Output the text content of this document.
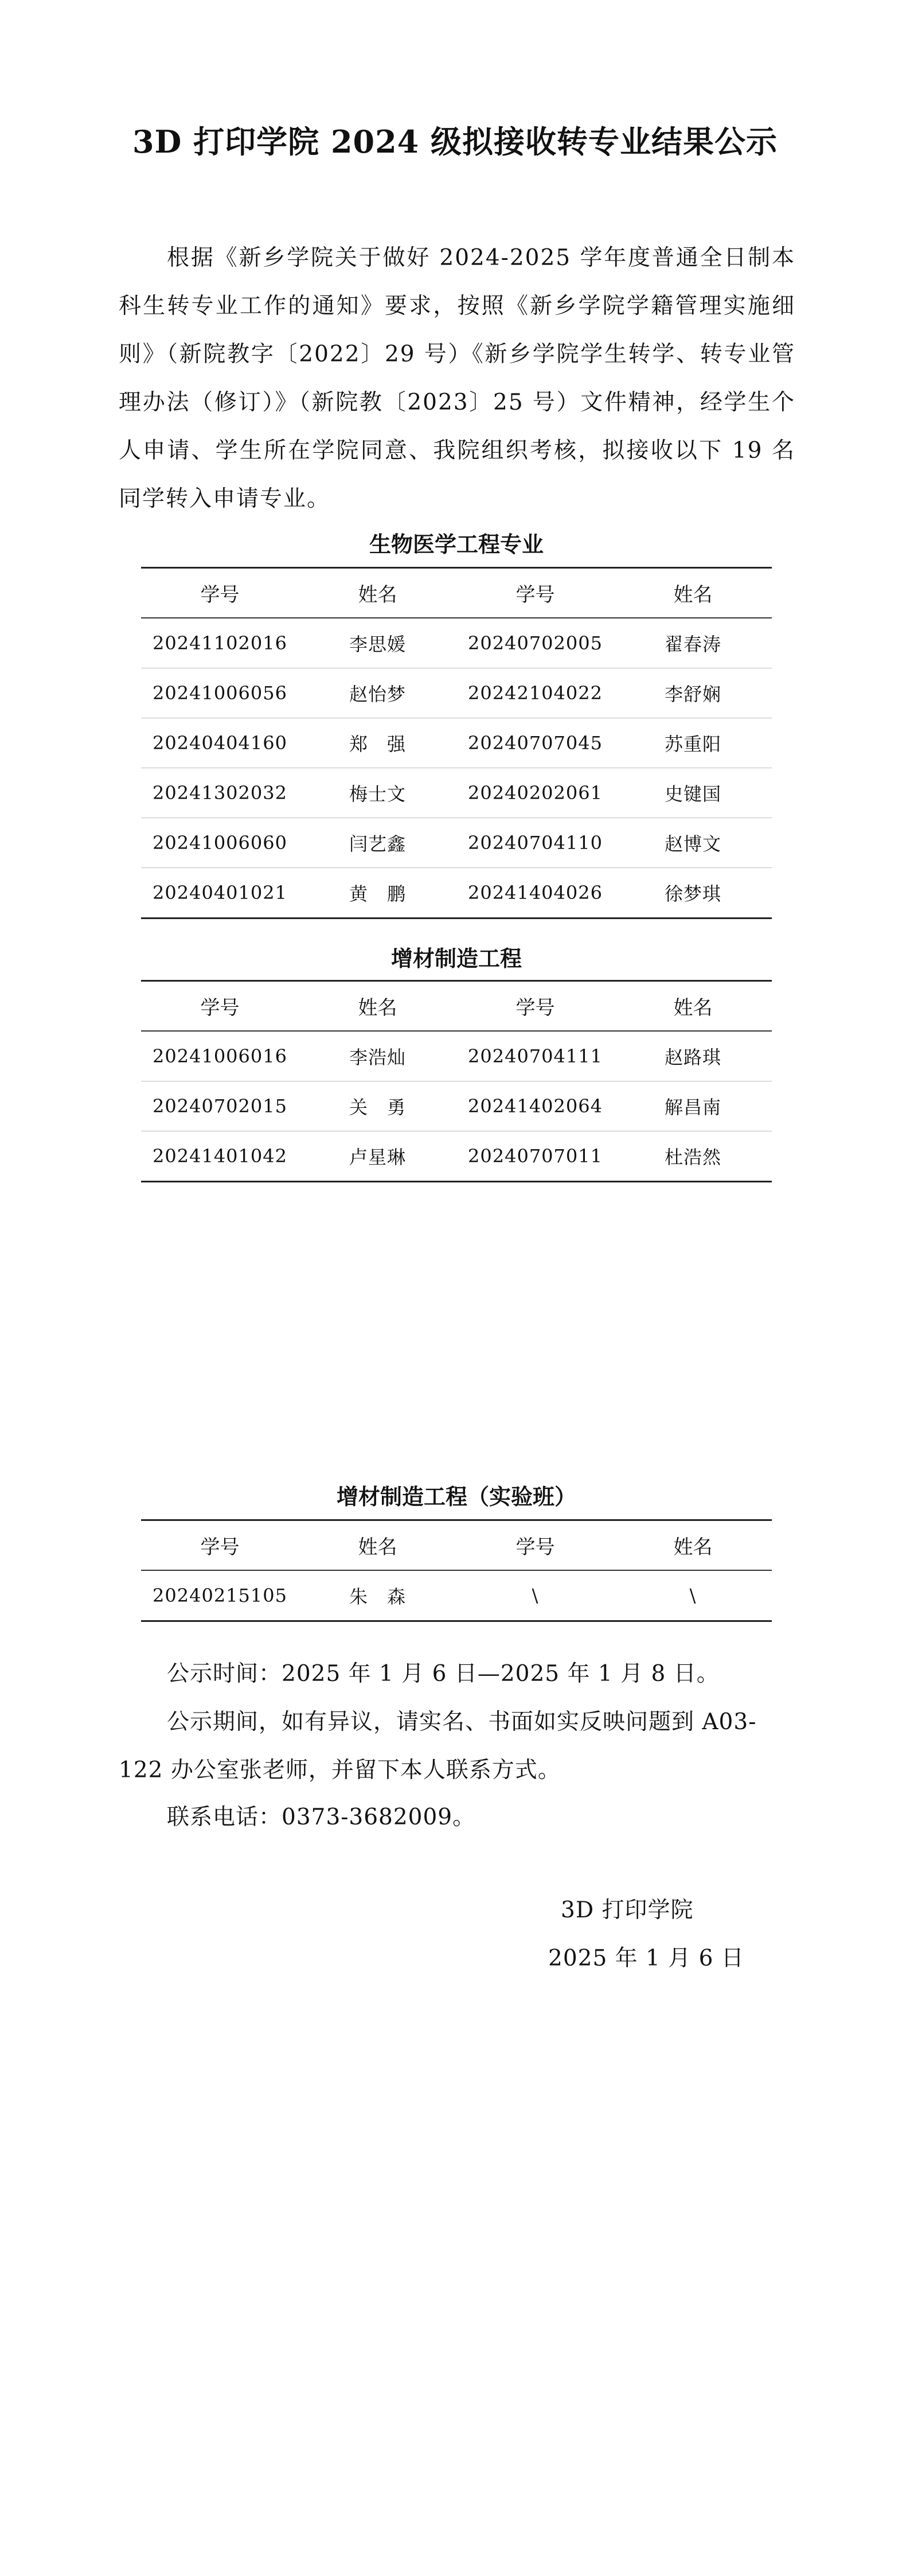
3D 打印学院 2024 级拟接收转专业结果公示

根据《新乡学院关于做好 2024-2025 学年度普通全日制本科生转专业工作的通知》要求，按照《新乡学院学籍管理实施细则》（新院教字〔2022〕29 号）《新乡学院学生转学、转专业管理办法（修订）》（新院教〔2023〕25 号）文件精神，经学生个人申请、学生所在学院同意、我院组织考核，拟接收以下 19 名同学转入申请专业。

生物医学工程专业
学号	姓名	学号	姓名
20241102016	李思媛	20240702005	翟春涛
20241006056	赵怡梦	20242104022	李舒娴
20240404160	郑　强	20240707045	苏重阳
20241302032	梅士文	20240202061	史键国
20241006060	闫艺鑫	20240704110	赵博文
20240401021	黄　鹏	20241404026	徐梦琪
增材制造工程
学号	姓名	学号	姓名
20241006016	李浩灿	20240704111	赵路琪
20240702015	关　勇	20241402064	解昌南
20241401042	卢星琳	20240707011	杜浩然
增材制造工程（实验班）
学号	姓名	学号	姓名
20240215105	朱　森	\	\

公示时间：2025 年 1 月 6 日—2025 年 1 月 8 日。

公示期间，如有异议，请实名、书面如实反映问题到 A03-122 办公室张老师，并留下本人联系方式。

联系电话：0373-3682009。

3D 打印学院

2025 年 1 月 6 日
